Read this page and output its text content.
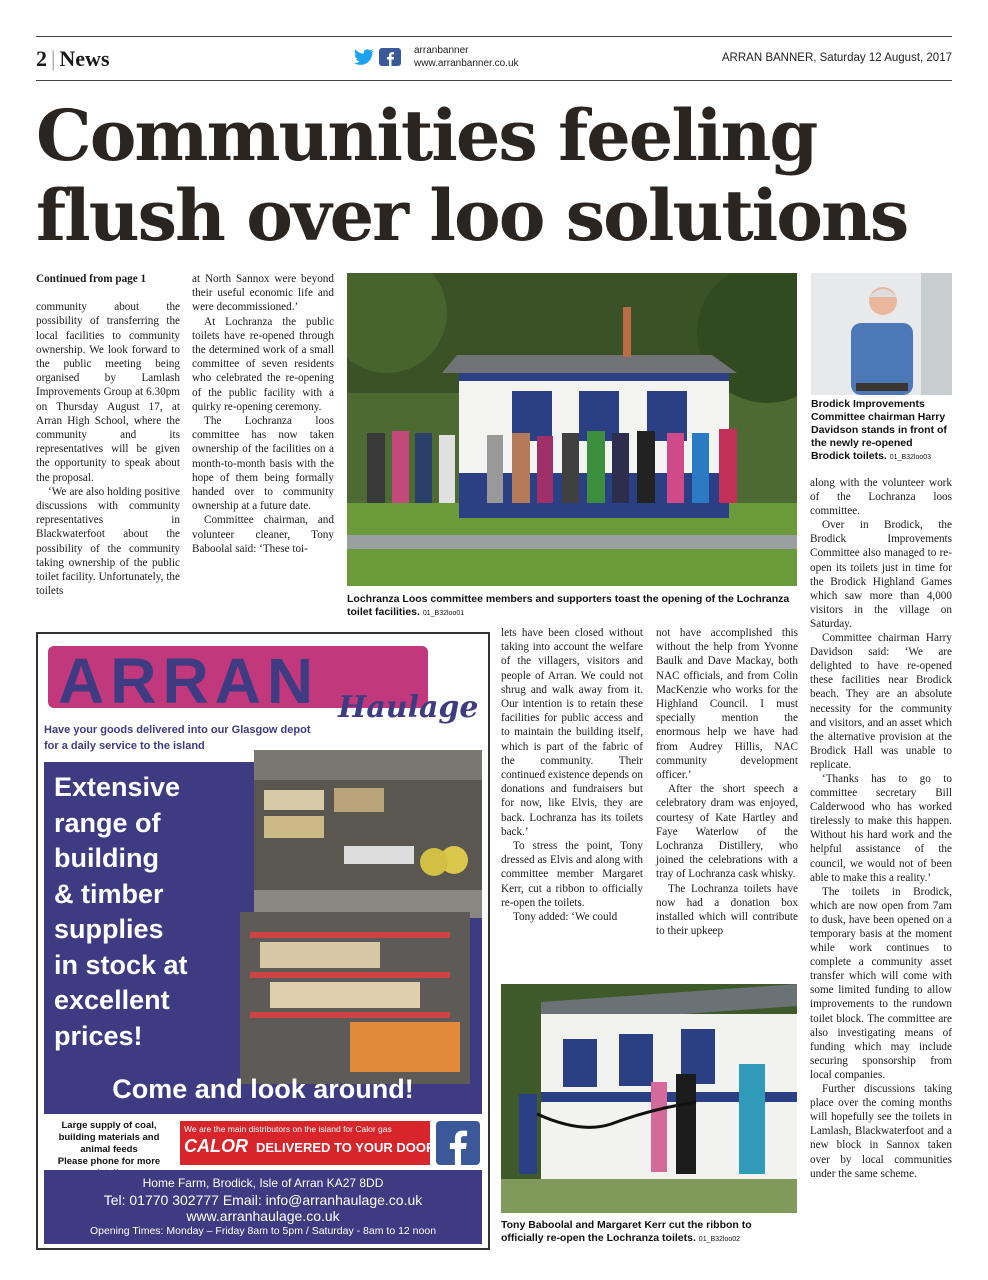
2 | News	arranbanner
www.arranbanner.co.uk	ARRAN BANNER, Saturday 12 August, 2017
Communities feeling
flush over loo solutions

Continued from page 1

community about the possibility of transferring the local facilities to community ownership. We look forward to the public meeting being organised by Lamlash Improvements Group at 6.30pm on Thursday August 17, at Arran High School, where the community and its representatives will be given the opportunity to speak about the proposal.

‘We are also holding positive discussions with community representatives in Blackwaterfoot about the possibility of the community taking ownership of the public toilet facility. Unfortunately, the toilets

at North Sannox were beyond their useful economic life and were decommissioned.’

At Lochranza the public toilets have re-opened through the determined work of a small committee of seven residents who celebrated the re-opening of the public facility with a quirky re-opening ceremony.

The Lochranza loos committee has now taken ownership of the facilities on a month-to-month basis with the hope of them being formally handed over to community ownership at a future date.

Committee chairman, and volunteer cleaner, Tony Baboolal said: ‘These toi-

Lochranza Loos committee members and supporters toast the opening of the Lochranza toilet facilities. 01_B32loo01
Brodick Improvements Committee chairman Harry Davidson stands in front of the newly re-opened Brodick toilets. 01_B32loo03

lets have been closed without taking into account the welfare of the villagers, visitors and people of Arran. We could not shrug and walk away from it. Our intention is to retain these facilities for public access and to maintain the building itself, which is part of the fabric of the community. Their continued existence depends on donations and fundraisers but for now, like Elvis, they are back. Lochranza has its toilets back.’

To stress the point, Tony dressed as Elvis and along with committee member Margaret Kerr, cut a ribbon to officially re-open the toilets.

Tony added: ‘We could

not have accomplished this without the help from Yvonne Baulk and Dave Mackay, both NAC officials, and from Colin MacKenzie who works for the Highland Council. I must specially mention the enormous help we have had from Audrey Hillis, NAC community development officer.’

After the short speech a celebratory dram was enjoyed, courtesy of Kate Hartley and Faye Waterlow of the Lochranza Distillery, who joined the celebrations with a tray of Lochranza cask whisky.

The Lochranza toilets have now had a donation box installed which will contribute to their upkeep

along with the volunteer work of the Lochranza loos committee.

Over in Brodick, the Brodick Improvements Committee also managed to re-open its toilets just in time for the Brodick Highland Games which saw more than 4,000 visitors in the village on Saturday.

Committee chairman Harry Davidson said: ‘We are delighted to have re-opened these facilities near Brodick beach. They are an absolute necessity for the community and visitors, and an asset which the alternative provision at the Brodick Hall was unable to replicate.

‘Thanks has to go to committee secretary Bill Calderwood who has worked tirelessly to make this happen. Without his hard work and the helpful assistance of the council, we would not of been able to make this a reality.’

The toilets in Brodick, which are now open from 7am to dusk, have been opened on a temporary basis at the moment while work continues to complete a community asset transfer which will come with some limited funding to allow improvements to the rundown toilet block. The committee are also investigating means of funding which may include securing sponsorship from local companies.

Further discussions taking place over the coming months will hopefully see the toilets in Lamlash, Blackwaterfoot and a new block in Sannox taken over by local communities under the same scheme.

Tony Baboolal and Margaret Kerr cut the ribbon to officially re-open the Lochranza toilets. 01_B32loo02
ARRAN Haulage
Have your goods delivered into our Glasgow depot
for a daily service to the island
Extensive
range of
building
& timber
supplies
in stock at
excellent
prices!
Come and look around!
Large supply of coal,
building materials and
animal feeds
Please phone for more
We are the main distributors on the island for Calor gas
CALOR DELIVERED TO YOUR DOOR
Home Farm, Brodick, Isle of Arran KA27 8DD
Tel: 01770 302777 Email: info@arranhaulage.co.uk
www.arranhaulage.co.uk
Opening Times: Monday – Friday 8am to 5pm / Saturday - 8am to 12 noon
